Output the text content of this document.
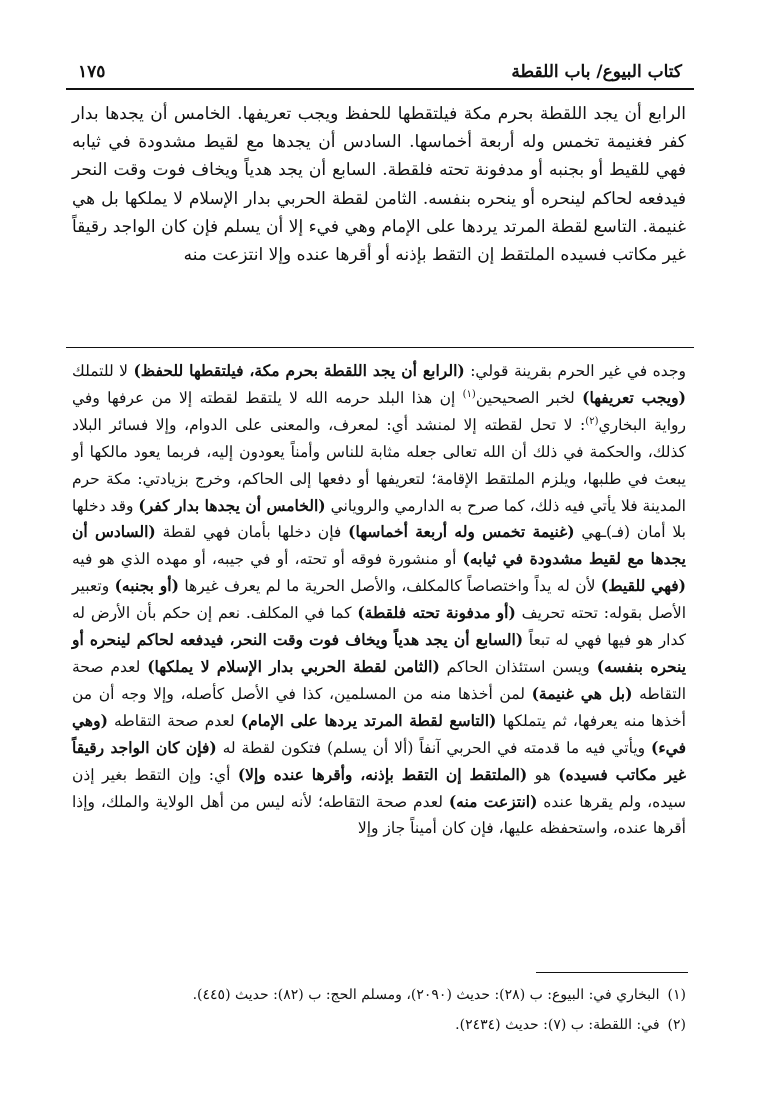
كتاب البيوع/ باب اللقطة
١٧٥

الرابع أن يجد اللقطة بحرم مكة فيلتقطها للحفظ ويجب تعريفها. الخامس أن يجدها بدار كفر فغنيمة تخمس وله أربعة أخماسها. السادس أن يجدها مع لقيط مشدودة في ثيابه فهي للقيط أو بجنبه أو مدفونة تحته فلقطة. السابع أن يجد هدياً ويخاف فوت وقت النحر فيدفعه لحاكم لينحره أو ينحره بنفسه. الثامن لقطة الحربي بدار الإسلام لا يملكها بل هي غنيمة. التاسع لقطة المرتد يردها على الإمام وهي فيء إلا أن يسلم فإن كان الواجد رقيقاً غير مكاتب فسيده الملتقط إن التقط بإذنه أو أقرها عنده وإلا انتزعت منه

وجده في غير الحرم بقرينة قولي: (الرابع أن يجد اللقطة بحرم مكة، فيلتقطها للحفظ) لا للتملك (ويجب تعريفها) لخبر الصحيحين$^{(١)}$ إن هذا البلد حرمه الله لا يلتقط لقطته إلا من عرفها وفي رواية البخاري$^{(٢)}$: لا تحل لقطته إلا لمنشد أي: لمعرف، والمعنى على الدوام، وإلا فسائر البلاد كذلك، والحكمة في ذلك أن الله تعالى جعله مثابة للناس وأمناً يعودون إليه، فربما يعود مالكها أو يبعث في طلبها، ويلزم الملتقط الإقامة؛ لتعريفها أو دفعها إلى الحاكم، وخرج بزيادتي: مكة حرم المدينة فلا يأتي فيه ذلك، كما صرح به الدارمي والروياني (الخامس أن يجدها بدار كفر) وقد دخلها بلا أمان (فـ)ـهي (غنيمة تخمس وله أربعة أخماسها) فإن دخلها بأمان فهي لقطة (السادس أن يجدها مع لقيط مشدودة في ثيابه) أو منشورة فوقه أو تحته، أو في جيبه، أو مهده الذي هو فيه (فهي للقيط) لأن له يداً واختصاصاً كالمكلف، والأصل الحرية ما لم يعرف غيرها (أو بجنبه) وتعبير الأصل بقوله: تحته تحريف (أو مدفونة تحته فلقطة) كما في المكلف. نعم إن حكم بأن الأرض له كدار هو فيها فهي له تبعاً (السابع أن يجد هدياً ويخاف فوت وقت النحر، فيدفعه لحاكم لينحره أو ينحره بنفسه) ويسن استئذان الحاكم (الثامن لقطة الحربي بدار الإسلام لا يملكها) لعدم صحة التقاطه (بل هي غنيمة) لمن أخذها منه من المسلمين، كذا في الأصل كأصله، وإلا وجه أن من أخذها منه يعرفها، ثم يتملكها (التاسع لقطة المرتد يردها على الإمام) لعدم صحة التقاطه (وهي فيء) ويأتي فيه ما قدمته في الحربي آنفاً (ألا أن يسلم) فتكون لقطة له (فإن كان الواجد رقيقاً غير مكاتب فسيده) هو (الملتقط إن التقط بإذنه، وأقرها عنده وإلا) أي: وإن التقط بغير إذن سيده، ولم يقرها عنده (انتزعت منه) لعدم صحة التقاطه؛ لأنه ليس من أهل الولاية والملك، وإذا أقرها عنده، واستحفظه عليها، فإن كان أميناً جاز وإلا
(١)البخاري في: البيوع: ب (٢٨): حديث (٢٠٩٠)، ومسلم الحج: ب (٨٢): حديث (٤٤٥).
(٢)في: اللقطة: ب (٧): حديث (٢٤٣٤).
